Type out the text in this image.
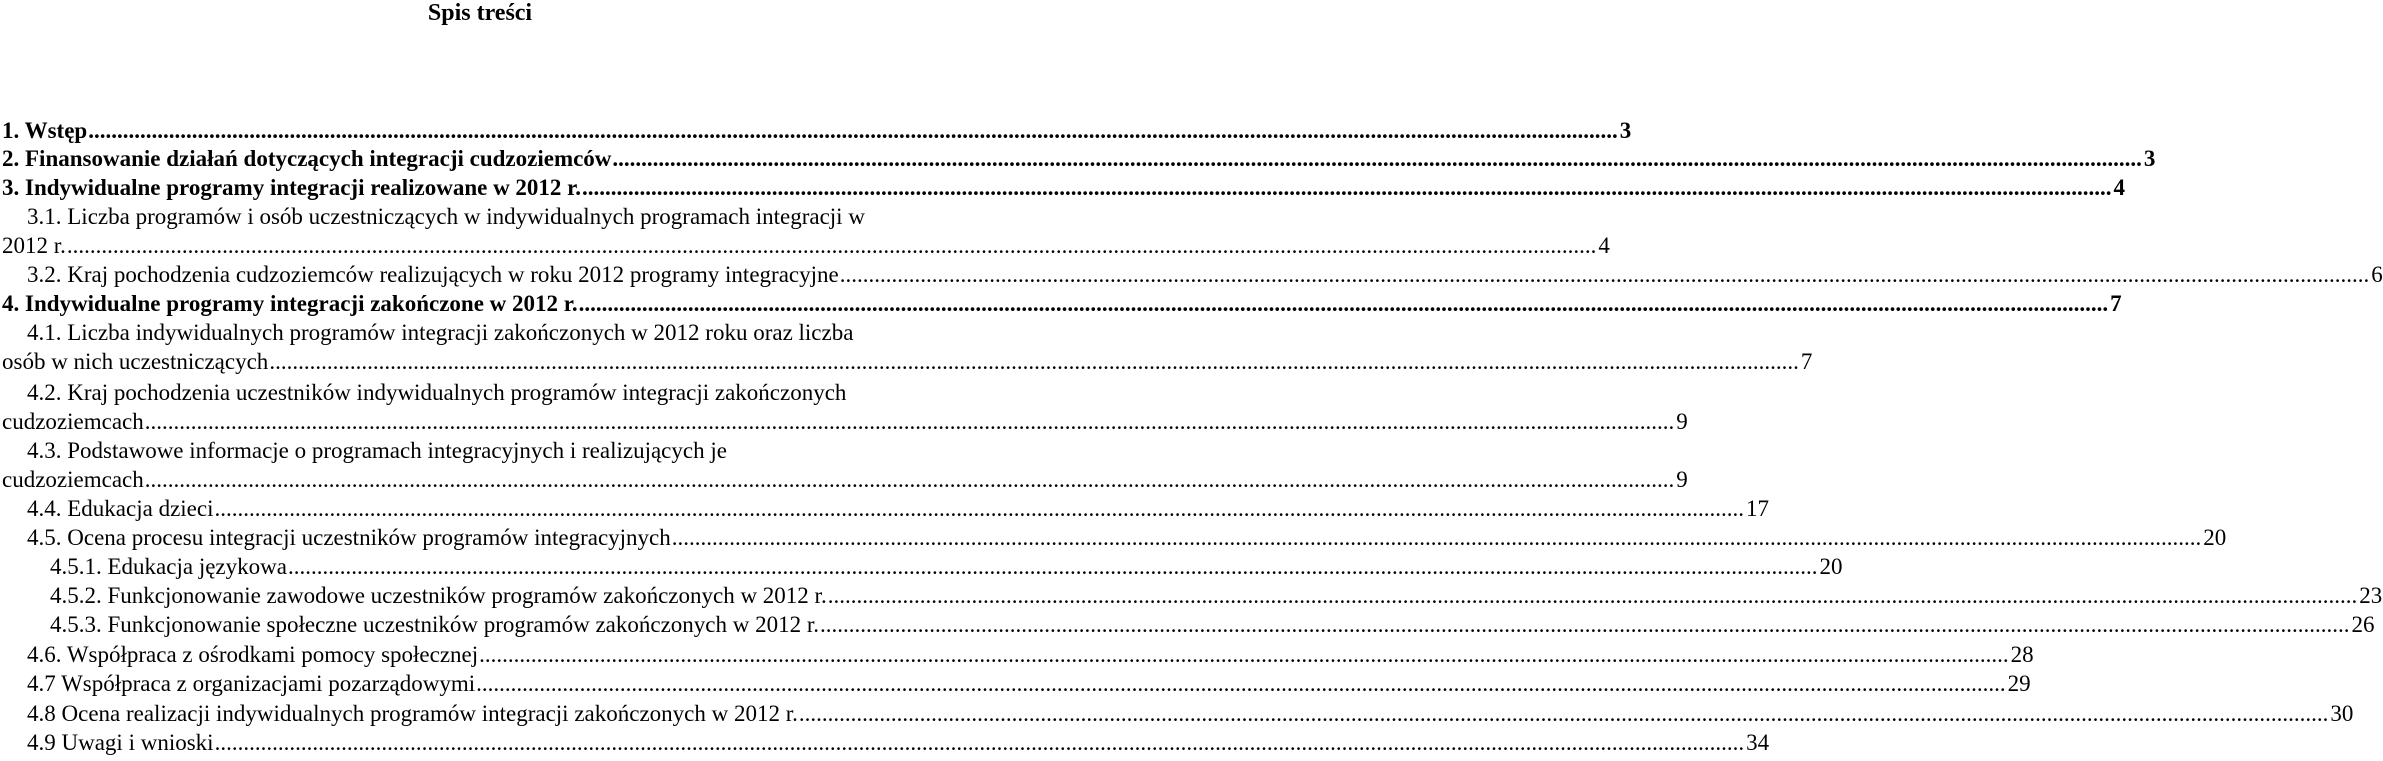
Spis treści
1. Wstęp .....	3
2. Finansowanie działań dotyczących integracji cudzoziemców .....	3
3. Indywidualne programy integracji realizowane w 2012 r. .....	4
3.1. Liczba programów i osób uczestniczących w indywidualnych programach integracji w
2012 r. .....	4
3.2. Kraj pochodzenia cudzoziemców realizujących w roku 2012 programy integracyjne .....	6
4. Indywidualne programy integracji zakończone w 2012 r. .....	7
4.1. Liczba indywidualnych programów integracji zakończonych w 2012 roku oraz liczba
osób w nich uczestniczących .....	7
4.2. Kraj pochodzenia uczestników indywidualnych programów integracji zakończonych
cudzoziemcach .....	9
4.3. Podstawowe informacje o programach integracyjnych i realizujących je
cudzoziemcach .....	9
4.4. Edukacja dzieci .....	17
4.5. Ocena procesu integracji uczestników programów integracyjnych .....	20
4.5.1. Edukacja językowa .....	20
4.5.2. Funkcjonowanie zawodowe uczestników programów zakończonych w 2012 r. .....	23
4.5.3. Funkcjonowanie społeczne uczestników programów zakończonych w 2012 r. .....	26
4.6. Współpraca z ośrodkami pomocy społecznej .....	28
4.7 Współpraca z organizacjami pozarządowymi .....	29
4.8 Ocena realizacji indywidualnych programów integracji zakończonych w 2012 r. .....	30
4.9 Uwagi i wnioski .....	34
